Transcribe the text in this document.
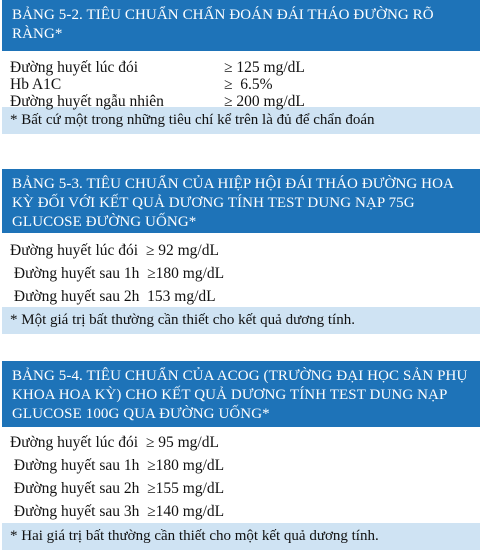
BẢNG 5-2. TIÊU CHUẨN CHẨN ĐOÁN ĐÁI THÁO ĐƯỜNG RÕ RÀNG*
Đường huyết lúc đói	≥ 125 mg/dL
Hb A1C	≥  6.5%
Đường huyết ngẫu nhiên	≥ 200 mg/dL
* Bất cứ một trong những tiêu chí kể trên là đủ để chẩn đoán
BẢNG 5-3. TIÊU CHUẨN CỦA HIỆP HỘI ĐÁI THÁO ĐƯỜNG HOA KỲ ĐỐI VỚI KẾT QUẢ DƯƠNG TÍNH TEST DUNG NẠP 75G GLUCOSE ĐƯỜNG UỐNG*
Đường huyết lúc đói ≥ 92 mg/dL
Đường huyết sau 1h ≥180 mg/dL
Đường huyết sau 2h 153 mg/dL
* Một giá trị bất thường cần thiết cho kết quả dương tính.
BẢNG 5-4. TIÊU CHUẨN CỦA ACOG (TRƯỜNG ĐẠI HỌC SẢN PHỤ KHOA HOA KỲ) CHO KẾT QUẢ DƯƠNG TÍNH TEST DUNG NẠP GLUCOSE 100G QUA ĐƯỜNG UỐNG*
Đường huyết lúc đói ≥ 95 mg/dL
Đường huyết sau 1h ≥180 mg/dL
Đường huyết sau 2h ≥155 mg/dL
Đường huyết sau 3h ≥140 mg/dL
* Hai giá trị bất thường cần thiết cho một kết quả dương tính.
